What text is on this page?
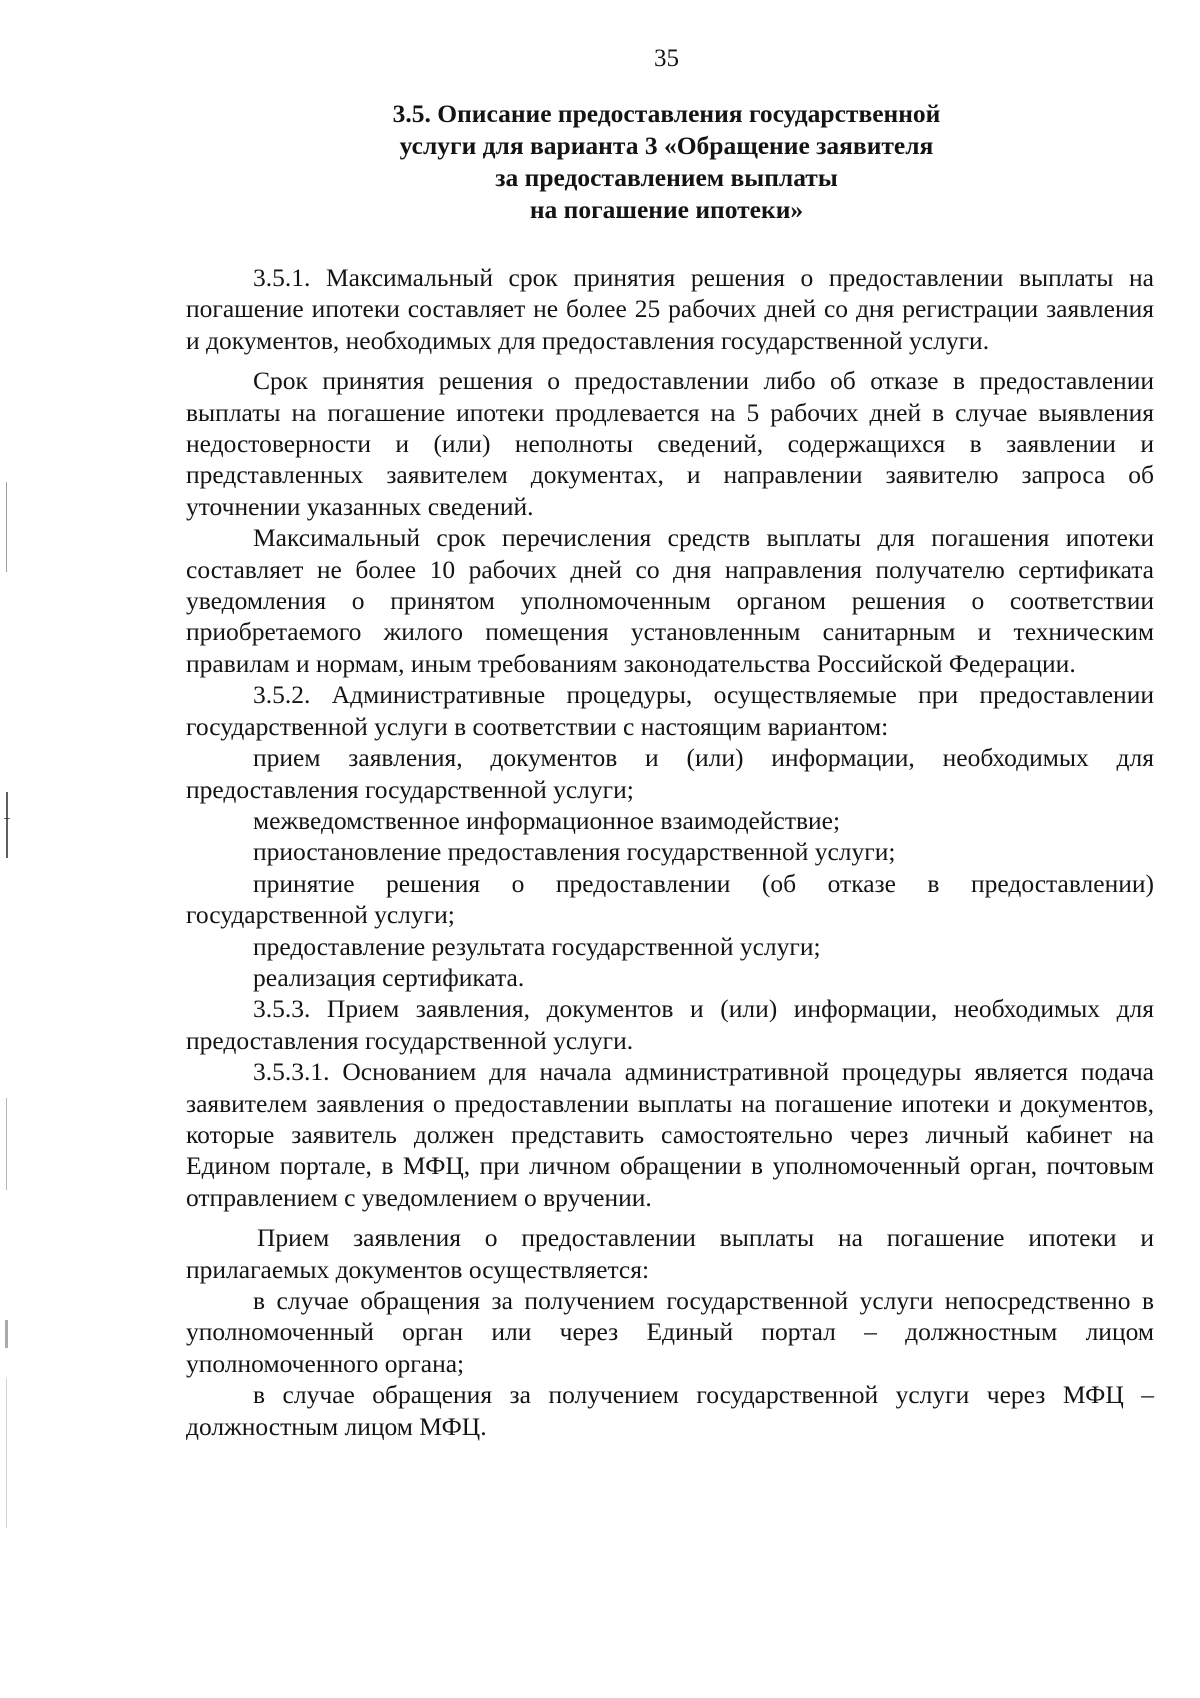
35
3.5. Описание предоставления государственной
услуги для варианта 3 «Обращение заявителя
за предоставлением выплаты
на погашение ипотеки»

3.5.1. Максимальный срок принятия решения о предоставлении выплаты на погашение ипотеки составляет не более 25 рабочих дней со дня регистрации заявления и документов, необходимых для предоставления государственной услуги.

Срок принятия решения о предоставлении либо об отказе в предоставлении выплаты на погашение ипотеки продлевается на 5 рабочих дней в случае выявления недостоверности и (или) неполноты сведений, содержащихся в заявлении и представленных заявителем документах, и направлении заявителю запроса об уточнении указанных сведений.

Максимальный срок перечисления средств выплаты для погашения ипотеки составляет не более 10 рабочих дней со дня направления получателю сертификата уведомления о принятом уполномоченным органом решения о соответствии приобретаемого жилого помещения установленным санитарным и техническим правилам и нормам, иным требованиям законодательства Российской Федерации.

3.5.2. Административные процедуры, осуществляемые при предоставлении государственной услуги в соответствии с настоящим вариантом:

прием заявления, документов и (или) информации, необходимых для предоставления государственной услуги;

межведомственное информационное взаимодействие;

приостановление предоставления государственной услуги;

принятие решения о предоставлении (об отказе в предоставлении) государственной услуги;

предоставление результата государственной услуги;

реализация сертификата.

3.5.3. Прием заявления, документов и (или) информации, необходимых для предоставления государственной услуги.

3.5.3.1. Основанием для начала административной процедуры является подача заявителем заявления о предоставлении выплаты на погашение ипотеки и документов, которые заявитель должен представить самостоятельно через личный кабинет на Едином портале, в МФЦ, при личном обращении в уполномоченный орган, почтовым отправлением с уведомлением о вручении.

Прием заявления о предоставлении выплаты на погашение ипотеки и прилагаемых документов осуществляется:

в случае обращения за получением государственной услуги непосредственно в уполномоченный орган или через Единый портал – должностным лицом уполномоченного органа;

в случае обращения за получением государственной услуги через МФЦ – должностным лицом МФЦ.
